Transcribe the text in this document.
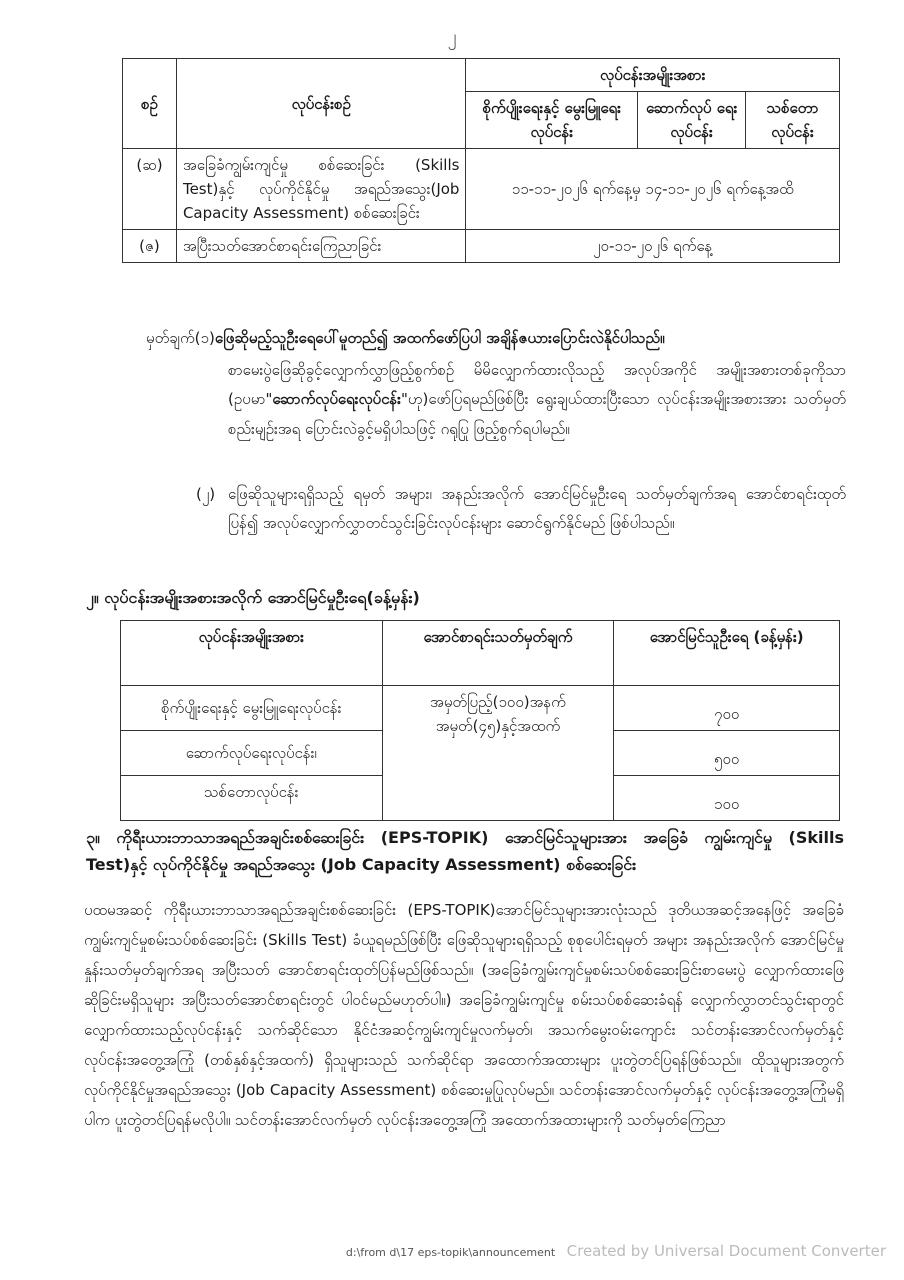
၂
စဉ်	လုပ်ငန်းစဉ်	လုပ်ငန်းအမျိုးအစား		
		စိုက်ပျိုးရေးနှင့် မွေးမြူရေးလုပ်ငန်း	ဆောက်လုပ် ရေးလုပ်ငန်း	သစ်တော လုပ်ငန်း
(ဆ)	အခြေခံကျွမ်းကျင်မှု စစ်ဆေးခြင်း (Skills Test)နှင့် လုပ်ကိုင်နိုင်မှု အရည်အသွေး(Job Capacity Assessment) စစ်ဆေးခြင်း	၁၁-၁၁-၂၀၂၆ ရက်နေ့မှ ၁၄-၁၁-၂၀၂၆ ရက်နေ့အထိ		
(ဇ)	အပြီးသတ်အောင်စာရင်းကြေညာခြင်း	၂၀-၁၁-၂၀၂၆ ရက်နေ့		
မှတ်ချက်(၁)ဖြေဆိုမည့်သူဦးရေပေါ်မူတည်၍ အထက်ဖော်ပြပါ အချိန်ဇယားပြောင်းလဲနိုင်ပါသည်။
စာမေးပွဲဖြေဆိုခွင့်လျှောက်လွှာဖြည့်စွက်စဉ် မိမိလျှောက်ထားလိုသည့် အလုပ်အကိုင် အမျိုးအစားတစ်ခုကိုသာ (ဥပမာ"ဆောက်လုပ်ရေးလုပ်ငန်း"ဟု)ဖော်ပြရမည်ဖြစ်ပြီး ရွေးချယ်ထားပြီးသော လုပ်ငန်းအမျိုးအစားအား သတ်မှတ်စည်းမျဉ်းအရ ပြောင်းလဲခွင့်မရှိပါသဖြင့် ဂရုပြု ဖြည့်စွက်ရပါမည်။
(၂) ဖြေဆိုသူများရရှိသည့် ရမှတ် အများ၊ အနည်းအလိုက် အောင်မြင်မှုဦးရေ သတ်မှတ်ချက်အရ အောင်စာရင်းထုတ်ပြန်၍ အလုပ်လျှောက်လွှာတင်သွင်းခြင်းလုပ်ငန်းများ ဆောင်ရွက်နိုင်မည် ဖြစ်ပါသည်။
၂။ လုပ်ငန်းအမျိုးအစားအလိုက် အောင်မြင်မှုဦးရေ(ခန့်မှန်း)
လုပ်ငန်းအမျိုးအစား	အောင်စာရင်းသတ်မှတ်ချက်	အောင်မြင်သူဦးရေ (ခန့်မှန်း)
စိုက်ပျိုးရေးနှင့် မွေးမြူရေးလုပ်ငန်း	အမှတ်ပြည့်(၁၀၀)အနက် အမှတ်(၄၅)နှင့်အထက်	၇၀၀
ဆောက်လုပ်ရေးလုပ်ငန်း၊		၅၀၀
သစ်တောလုပ်ငန်း		၁၀၀
၃။ ကိုရီးယားဘာသာအရည်အချင်းစစ်ဆေးခြင်း (EPS-TOPIK) အောင်မြင်သူများအား အခြေခံ ကျွမ်းကျင်မှု (Skills Test)နှင့် လုပ်ကိုင်နိုင်မှု အရည်အသွေး (Job Capacity Assessment) စစ်ဆေးခြင်း
ပထမအဆင့် ကိုရီးယားဘာသာအရည်အချင်းစစ်ဆေးခြင်း (EPS-TOPIK)အောင်မြင်သူများအားလုံးသည် ဒုတိယအဆင့်အနေဖြင့် အခြေခံကျွမ်းကျင်မှုစမ်းသပ်စစ်ဆေးခြင်း (Skills Test) ခံယူရမည်ဖြစ်ပြီး ဖြေဆိုသူများရရှိသည့် စုစုပေါင်းရမှတ် အများ အနည်းအလိုက် အောင်မြင်မှုနှုန်းသတ်မှတ်ချက်အရ အပြီးသတ် အောင်စာရင်းထုတ်ပြန်မည်ဖြစ်သည်။ (အခြေခံကျွမ်းကျင်မှုစမ်းသပ်စစ်ဆေးခြင်းစာမေးပွဲ လျှောက်ထားဖြေဆိုခြင်းမရှိသူများ အပြီးသတ်အောင်စာရင်းတွင် ပါဝင်မည်မဟုတ်ပါ။) အခြေခံကျွမ်းကျင်မှု စမ်းသပ်စစ်ဆေးခံရန် လျှောက်လွှာတင်သွင်းရာတွင် လျှောက်ထားသည့်လုပ်ငန်းနှင့် သက်ဆိုင်သော နိုင်ငံအဆင့်ကျွမ်းကျင်မှုလက်မှတ်၊ အသက်မွေးဝမ်းကျောင်း သင်တန်းအောင်လက်မှတ်နှင့် လုပ်ငန်းအတွေ့အကြုံ (တစ်နှစ်နှင့်အထက်) ရှိသူများသည် သက်ဆိုင်ရာ အထောက်အထားများ ပူးတွဲတင်ပြရန်ဖြစ်သည်။ ထိုသူများအတွက် လုပ်ကိုင်နိုင်မှုအရည်အသွေး (Job Capacity Assessment) စစ်ဆေးမှုပြုလုပ်မည်။ သင်တန်းအောင်လက်မှတ်နှင့် လုပ်ငန်းအတွေ့အကြုံမရှိပါက ပူးတွဲတင်ပြရန်မလိုပါ။ သင်တန်းအောင်လက်မှတ် လုပ်ငန်းအတွေ့အကြုံ အထောက်အထားများကို သတ်မှတ်ကြေညာ
d:\from d\17 eps-topik\announcement Created by Universal Document Converter
